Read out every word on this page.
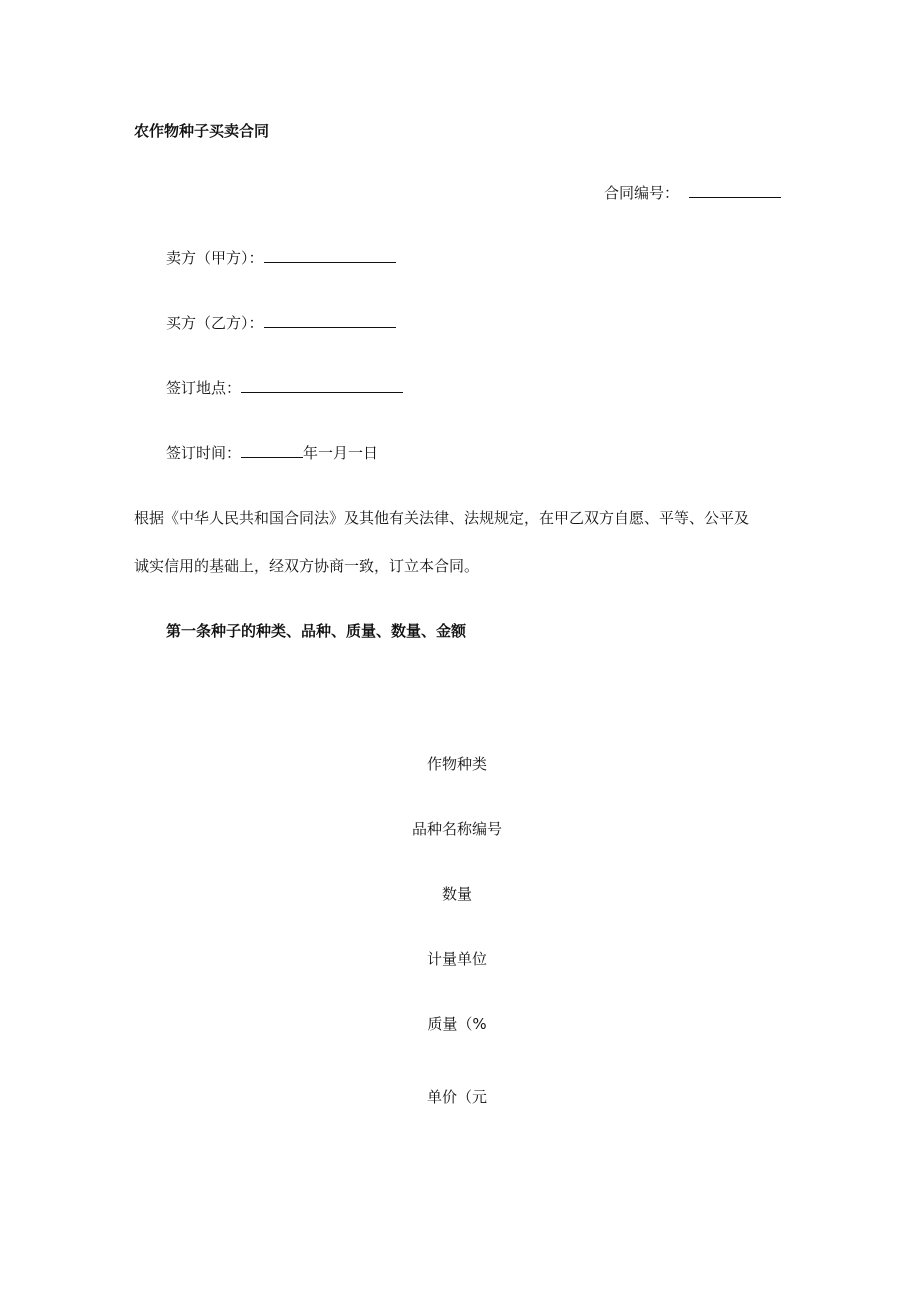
农作物种子买卖合同
合同编号：
卖方（甲方）：
买方（乙方）：
签订地点：
签订时间：	年一月一日
根据《中华人民共和国合同法》及其他有关法律、法规规定，在甲乙双方自愿、平等、公平及
诚实信用的基础上，经双方协商一致，订立本合同。
第一条种子的种类、品种、质量、数量、金额
作物种类
品种名称编号
数量
计量单位
质量（%
单价（元
